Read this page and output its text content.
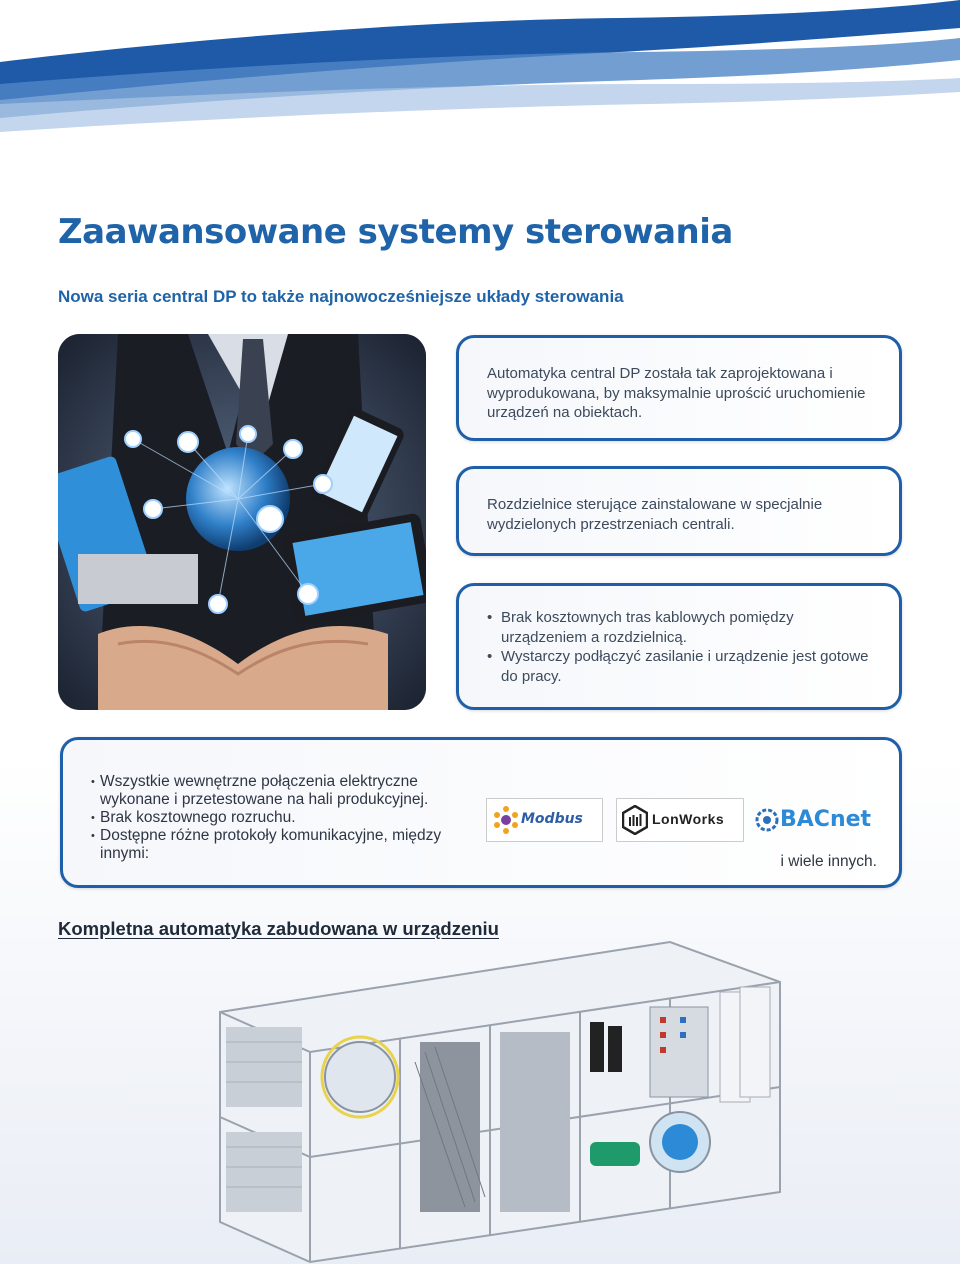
Zaawansowane systemy sterowania
Nowa seria central DP to także najnowocześniejsze układy sterowania
Automatyka central DP została tak zaprojektowana i wyprodukowana, by maksymalnie uprościć uruchomienie urządzeń na obiektach.
Rozdzielnice sterujące zainstalowane w specjalnie wydzielonych przestrzeniach centrali.
• Brak kosztownych tras kablowych pomiędzy urządzeniem a rozdzielnicą.
• Wystarczy podłączyć zasilanie i urządzenie jest gotowe do pracy.
• Wszystkie wewnętrzne połączenia elektryczne wykonane i przetestowane na hali produkcyjnej.
• Brak kosztownego rozruchu.
• Dostępne różne protokoły komunikacyjne, między innymi:
Modbus	LonWorks	BACnet
i wiele innych.
Kompletna automatyka zabudowana w urządzeniu
